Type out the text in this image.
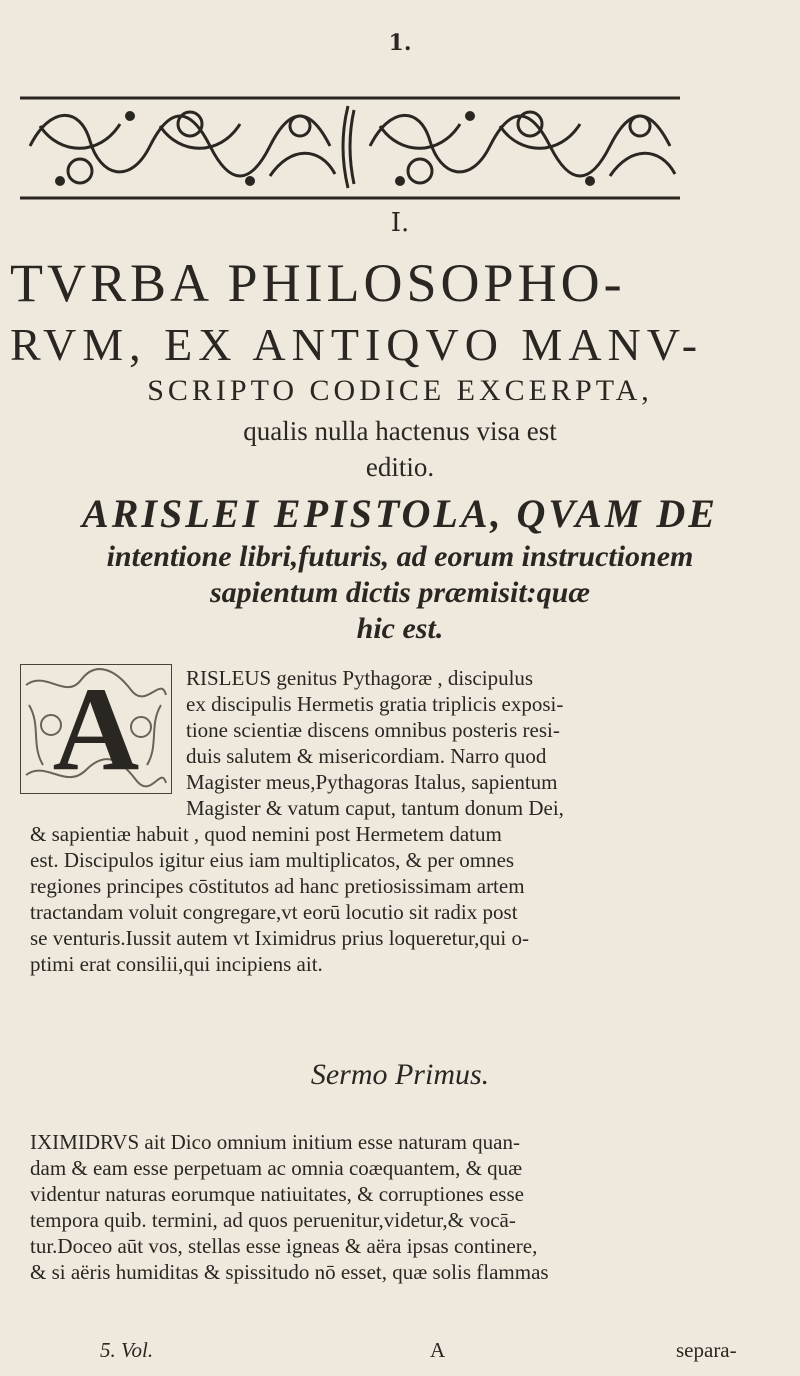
1.
I.
TVRBA PHILOSOPHO-
RVM, EX ANTIQVO MANV-
SCRIPTO CODICE EXCERPTA,
qualis nulla hactenus visa est
editio.
ARISLEI EPISTOLA, QVAM DE
intentione libri,futuris, ad eorum instructionem
sapientum dictis præmisit:quæ
hic est.
A	RISLEUS genitus Pythagoræ , discipulus
ex discipulis Hermetis gratia triplicis exposi-
tione scientiæ discens omnibus posteris resi-
duis salutem & misericordiam. Narro quod
Magister meus,Pythagoras Italus, sapientum
Magister & vatum caput, tantum donum Dei,
& sapientiæ habuit , quod nemini post Hermetem datum
est. Discipulos igitur eius iam multiplicatos, & per omnes
regiones principes cōstitutos ad hanc pretiosissimam artem
tractandam voluit congregare,vt eorū locutio sit radix post
se venturis.Iussit autem vt Iximidrus prius loqueretur,qui o-
ptimi erat consilii,qui incipiens ait.
Sermo Primus.
IXIMIDRVS ait Dico omnium initium esse naturam quan-
dam & eam esse perpetuam ac omnia coæquantem, & quæ
videntur naturas eorumque natiuitates, & corruptiones esse
tempora quib. termini, ad quos peruenitur,videtur,& vocā-
tur.Doceo aūt vos, stellas esse igneas & aëra ipsas continere,
& si aëris humiditas & spissitudo nō esset, quæ solis flammas
5. Vol.	A	separa-
